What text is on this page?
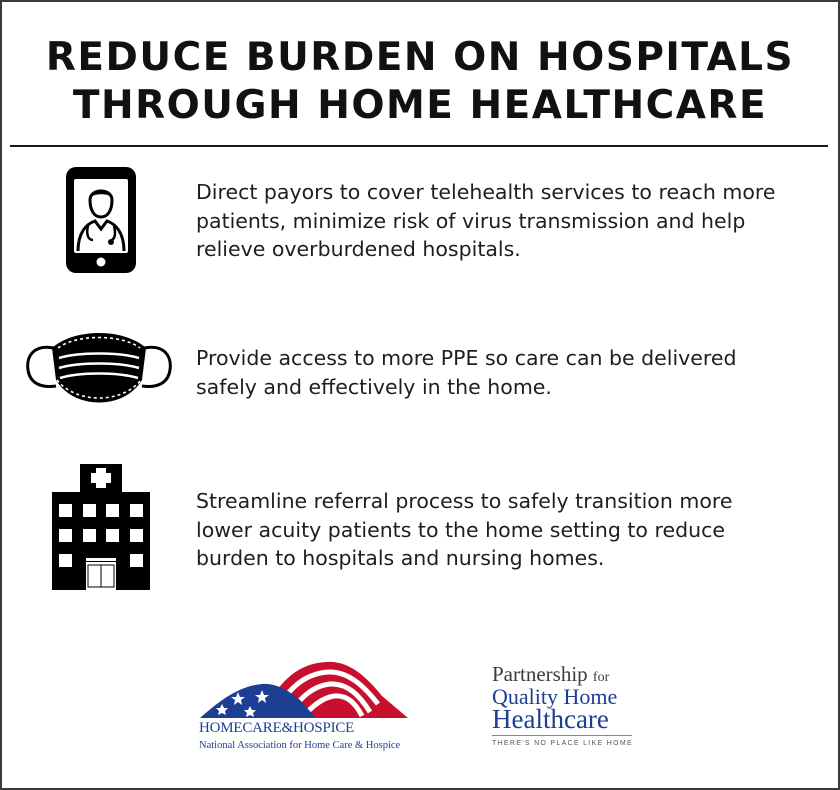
REDUCE BURDEN ON HOSPITALS
THROUGH HOME HEALTHCARE
Direct payors to cover telehealth services to reach more
patients, minimize risk of virus transmission and help
relieve overburdened hospitals.
Provide access to more PPE so care can be delivered
safely and effectively in the home.
Streamline referral process to safely transition more
lower acuity patients to the home setting to reduce
burden to hospitals and nursing homes.
HOMECARE&HOSPICE
National Association for Home Care & Hospice
Partnership for
Quality Home
Healthcare
THERE'S NO PLACE LIKE HOME
